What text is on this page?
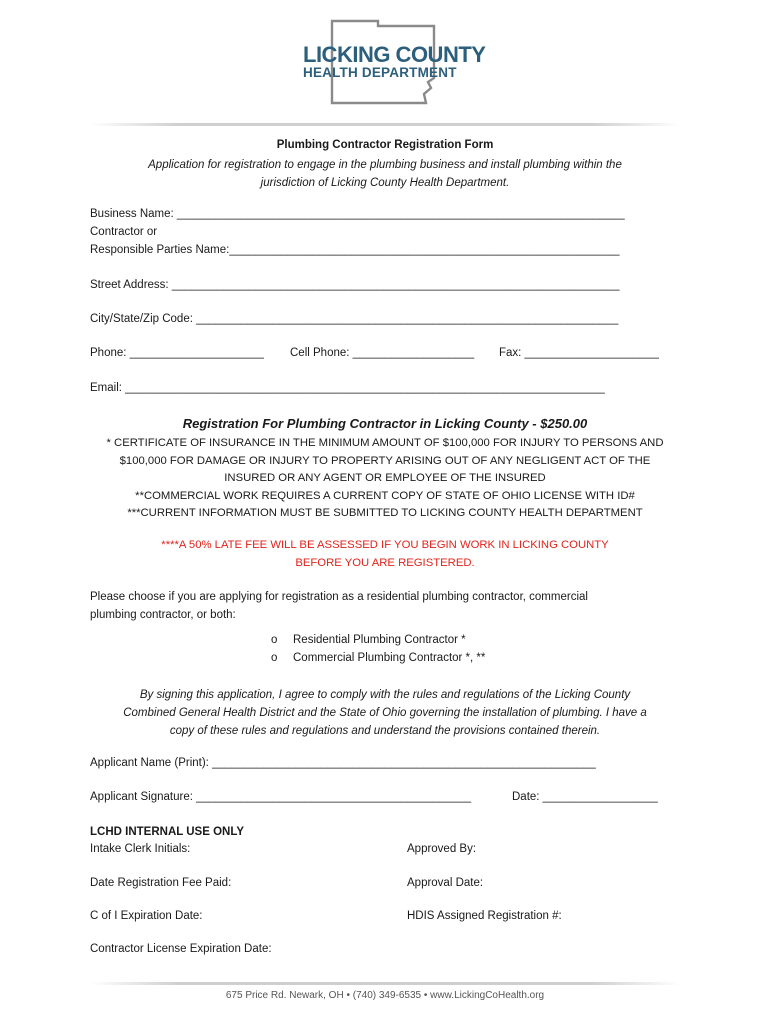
LICKING COUNTY
HEALTH DEPARTMENT
Plumbing Contractor Registration Form
Application for registration to engage in the plumbing business and install plumbing within the
jurisdiction of Licking County Health Department.
Business Name: ______________________________________________________________________
Contractor or
Responsible Parties Name:_____________________________________________________________
Street Address: ______________________________________________________________________
City/State/Zip Code: __________________________________________________________________
Phone: _____________________ Cell Phone: ___________________ Fax: _____________________
Email: ___________________________________________________________________________
Registration For Plumbing Contractor in Licking County - $250.00
* CERTIFICATE OF INSURANCE IN THE MINIMUM AMOUNT OF $100,000 FOR INJURY TO PERSONS AND
$100,000 FOR DAMAGE OR INJURY TO PROPERTY ARISING OUT OF ANY NEGLIGENT ACT OF THE
INSURED OR ANY AGENT OR EMPLOYEE OF THE INSURED
**COMMERCIAL WORK REQUIRES A CURRENT COPY OF STATE OF OHIO LICENSE WITH ID#
***CURRENT INFORMATION MUST BE SUBMITTED TO LICKING COUNTY HEALTH DEPARTMENT
****A 50% LATE FEE WILL BE ASSESSED IF YOU BEGIN WORK IN LICKING COUNTY
BEFORE YOU ARE REGISTERED.
Please choose if you are applying for registration as a residential plumbing contractor, commercial
plumbing contractor, or both:
o Residential Plumbing Contractor *
o Commercial Plumbing Contractor *, **
By signing this application, I agree to comply with the rules and regulations of the Licking County
Combined General Health District and the State of Ohio governing the installation of plumbing. I have a
copy of these rules and regulations and understand the provisions contained therein.
Applicant Name (Print): ____________________________________________________________
Applicant Signature: ___________________________________________	Date: __________________
LCHD INTERNAL USE ONLY
Intake Clerk Initials:	Approved By:
Date Registration Fee Paid:	Approval Date:
C of I Expiration Date:	HDIS Assigned Registration #:
Contractor License Expiration Date:
675 Price Rd. Newark, OH • (740) 349-6535 • www.LickingCoHealth.org
